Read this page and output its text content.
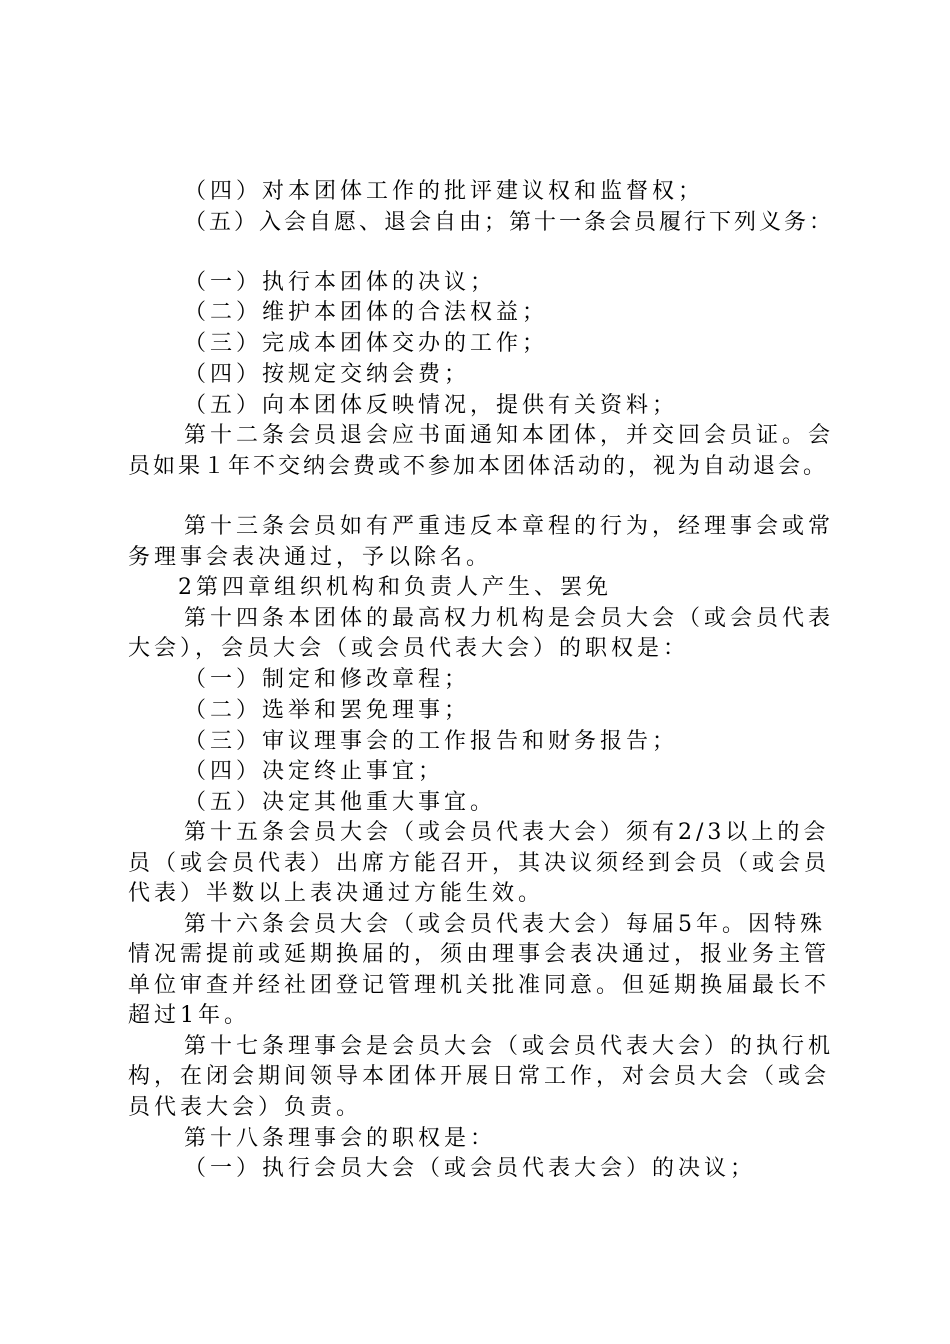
（四）对本团体工作的批评建议权和监督权；
（五）入会自愿、退会自由；第十一条会员履行下列义务：
（一）执行本团体的决议；
（二）维护本团体的合法权益；
（三）完成本团体交办的工作；
（四）按规定交纳会费；
（五）向本团体反映情况，提供有关资料；
第十二条会员退会应书面通知本团体，并交回会员证。会
员如果１年不交纳会费或不参加本团体活动的，视为自动退会。
第十三条会员如有严重违反本章程的行为，经理事会或常
务理事会表决通过，予以除名。
2第四章组织机构和负责人产生、罢免
第十四条本团体的最高权力机构是会员大会（或会员代表
大会），会员大会（或会员代表大会）的职权是：
（一）制定和修改章程；
（二）选举和罢免理事；
（三）审议理事会的工作报告和财务报告；
（四）决定终止事宜；
（五）决定其他重大事宜。
第十五条会员大会（或会员代表大会）须有2/3以上的会
员（或会员代表）出席方能召开，其决议须经到会员（或会员
代表）半数以上表决通过方能生效。
第十六条会员大会（或会员代表大会）每届5年。因特殊
情况需提前或延期换届的，须由理事会表决通过，报业务主管
单位审查并经社团登记管理机关批准同意。但延期换届最长不
超过1年。
第十七条理事会是会员大会（或会员代表大会）的执行机
构，在闭会期间领导本团体开展日常工作，对会员大会（或会
员代表大会）负责。
第十八条理事会的职权是：
（一）执行会员大会（或会员代表大会）的决议；
